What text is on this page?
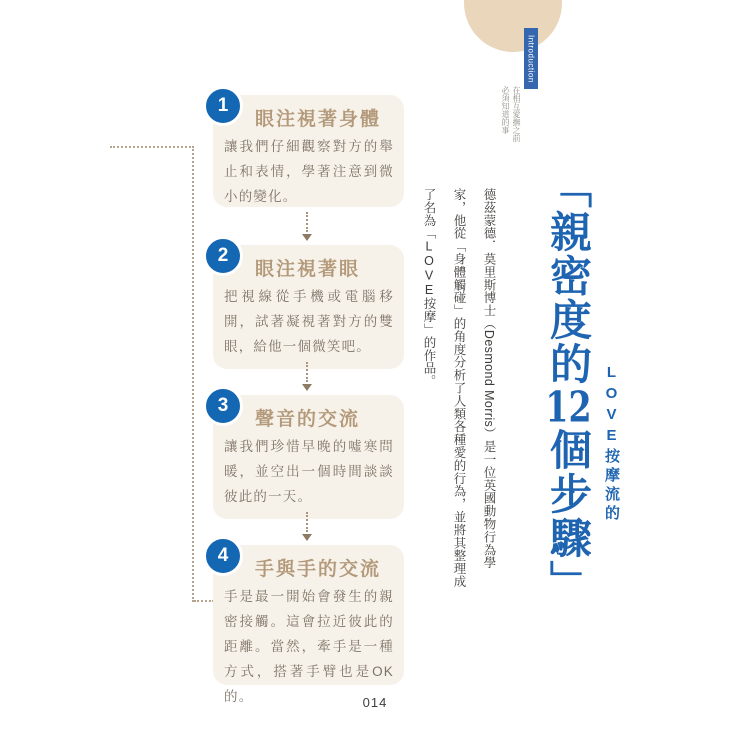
Introduction
在相互愛撫之前
必須知道的事
LOVE按摩流的
「親密度的12個步驟」
德茲蒙德．莫里斯博士（Desmond Morris）是一位英國動物行為學家，他從「身體觸碰」的角度分析了人類各種愛的行為，並將其整理成了名為「LOVE按摩」的作品。
眼注視著身體
讓我們仔細觀察對方的舉止和表情，學著注意到微小的變化。
1
眼注視著眼
把視線從手機或電腦移開，試著凝視著對方的雙眼，給他一個微笑吧。
2
聲音的交流
讓我們珍惜早晚的噓寒問暖，並空出一個時間談談彼此的一天。
3
手與手的交流
手是最一開始會發生的親密接觸。這會拉近彼此的距離。當然，牽手是一種方式，搭著手臂也是OK的。
4
014
